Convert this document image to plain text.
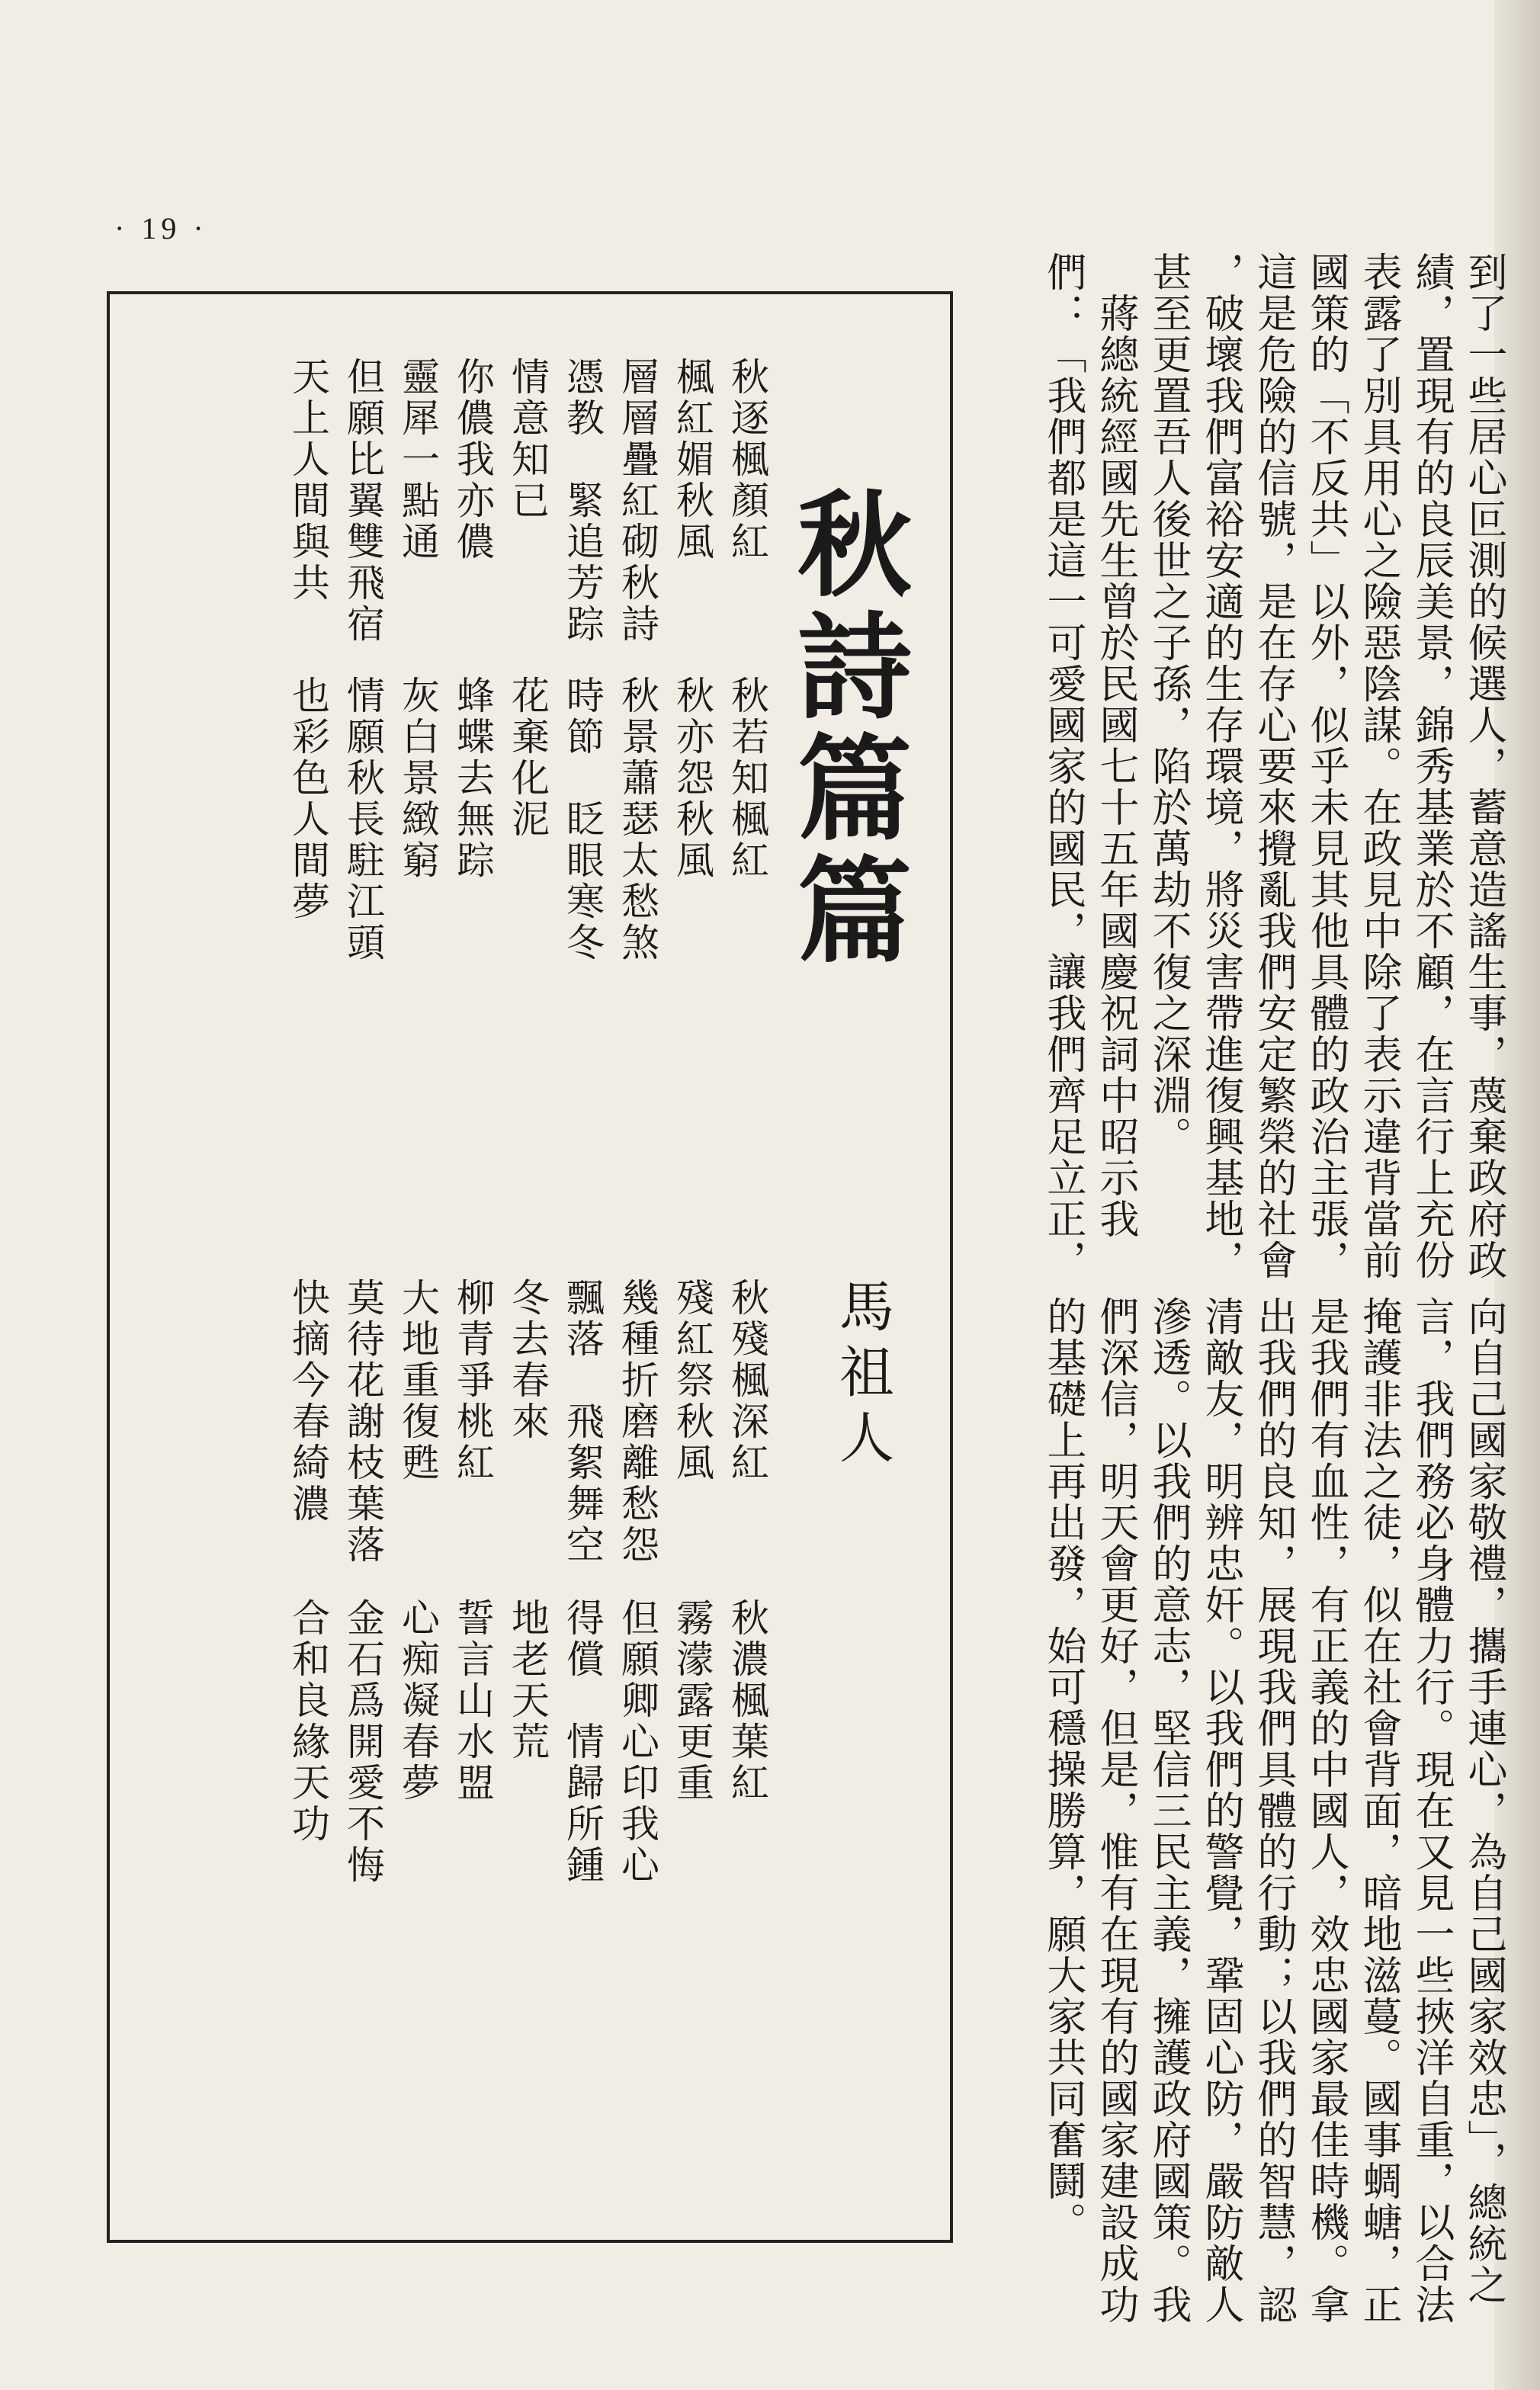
· 19 ·

到了一些居心叵測的候選人，蓄意造謠生事，蔑棄政府政

績，置現有的良辰美景，錦秀基業於不顧，在言行上充份

表露了別具用心之險惡陰謀。在政見中除了表示違背當前

國策的「不反共」以外，似乎未見其他具體的政治主張，

這是危險的信號，是在存心要來攪亂我們安定繁榮的社會

，破壞我們富裕安適的生存環境，將災害帶進復興基地，

甚至更置吾人後世之子孫，陷於萬劫不復之深淵。

　蔣總統經國先生曾於民國七十五年國慶祝詞中昭示我

們：「我們都是這一可愛國家的國民，讓我們齊足立正，

向自己國家敬禮，攜手連心，為自己國家效忠」，總統之

言，我們務必身體力行。現在又見一些挾洋自重，以合法

掩護非法之徒，似在社會背面，暗地滋蔓。國事蜩螗，正

是我們有血性，有正義的中國人，效忠國家最佳時機。拿

出我們的良知，展現我們具體的行動；以我們的智慧，認

清敵友，明辨忠奸。以我們的警覺，鞏固心防，嚴防敵人

滲透。以我們的意志，堅信三民主義，擁護政府國策。我

們深信，明天會更好，但是，惟有在現有的國家建設成功

的基礎上再出發，始可穩操勝算，願大家共同奮鬪。

秋詩篇篇
馬祖人
秋逐楓顏紅
秋若知楓紅
楓紅媚秋風
秋亦怨秋風
層層疊紅砌秋詩
秋景蕭瑟太愁煞
憑教　緊追芳踪
時節　眨眼寒冬
情意知已
花棄化泥
你儂我亦儂
蜂蝶去無踪
靈犀一點通
灰白景緻窮
但願比翼雙飛宿
情願秋長駐江頭
天上人間與共
也彩色人間夢
秋殘楓深紅
秋濃楓葉紅
殘紅祭秋風
霧濛露更重
幾種折磨離愁怨
但願卿心印我心
飄落　飛絮舞空
得償　情歸所鍾
冬去春來
地老天荒
柳青爭桃紅
誓言山水盟
大地重復甦
心痴凝春夢
莫待花謝枝葉落
金石爲開愛不悔
快摘今春綺濃
合和良緣天功
